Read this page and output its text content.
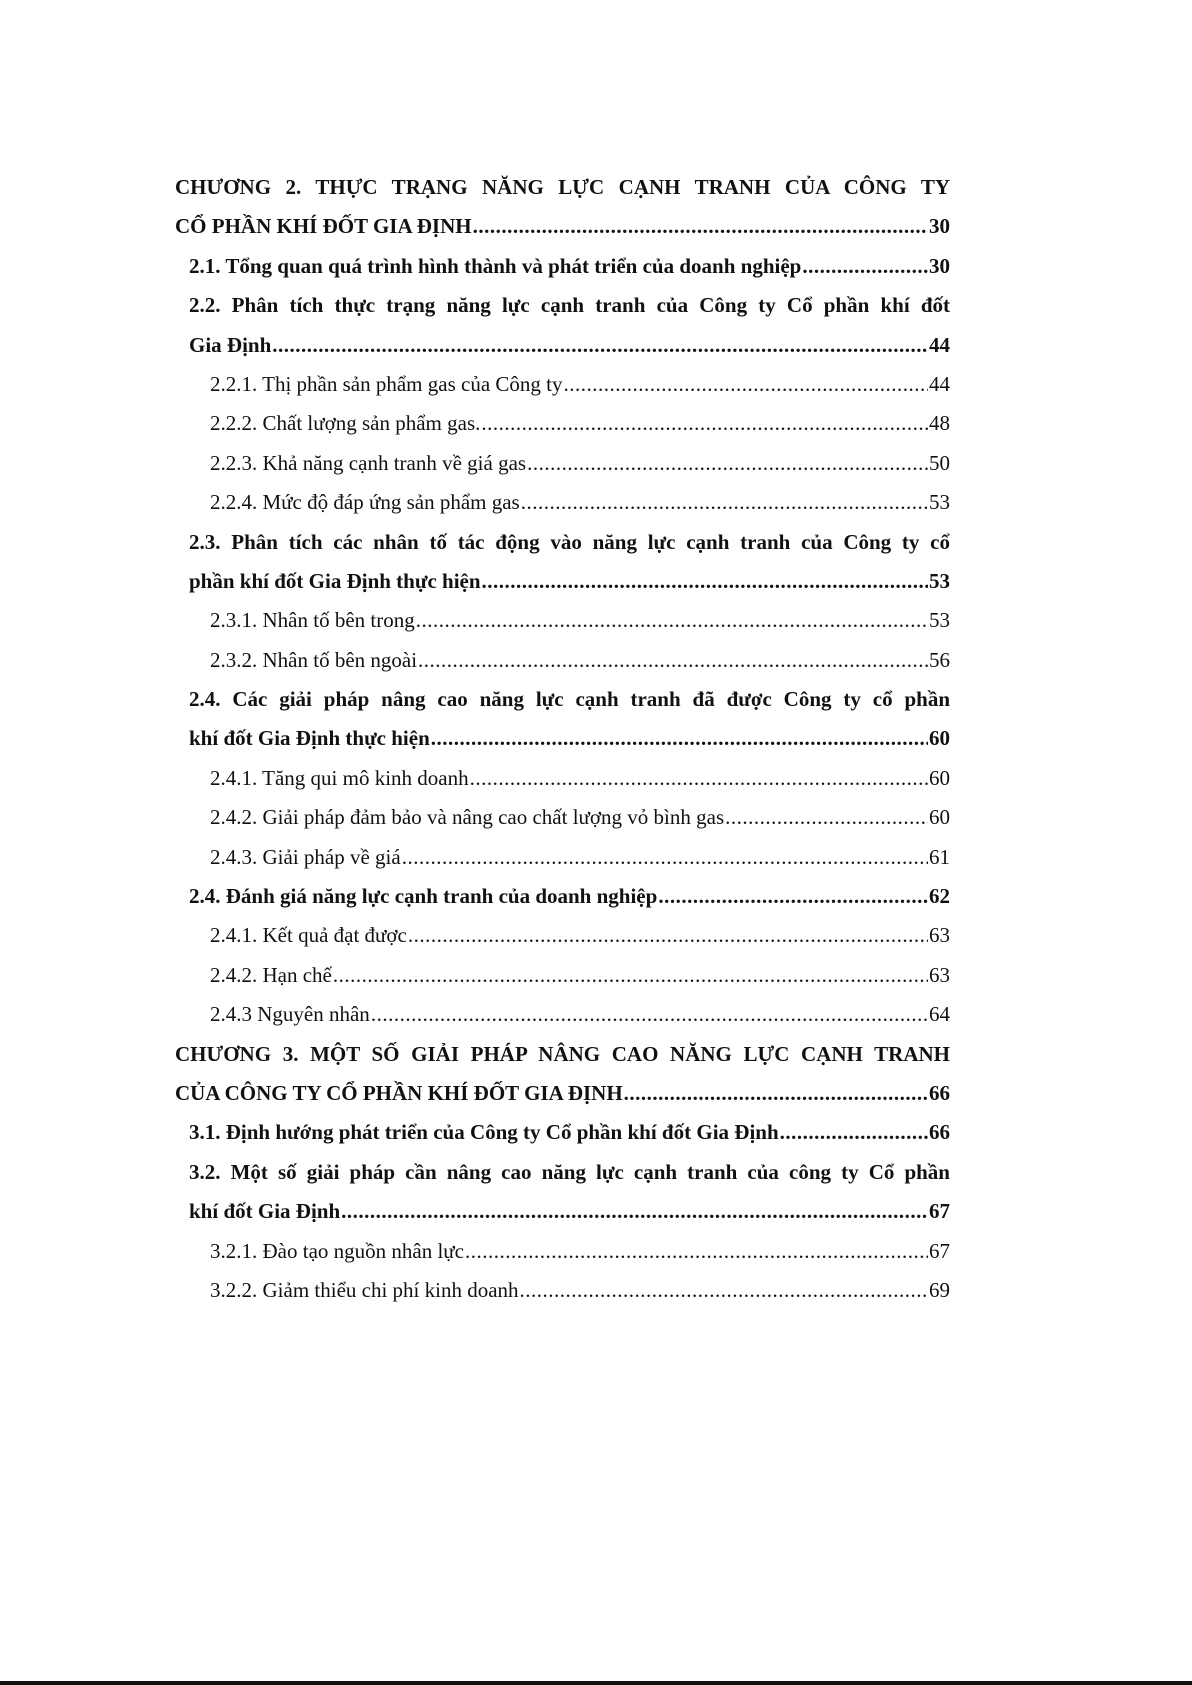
CHƯƠNG 2. THỰC TRẠNG NĂNG LỰC CẠNH TRANH CỦA CÔNG TY
CỔ PHẦN KHÍ ĐỐT GIA ĐỊNH .....	30
2.1. Tổng quan quá trình hình thành và phát triển của doanh nghiệp .....	30
2.2. Phân tích thực trạng năng lực cạnh tranh của Công ty Cổ phần khí đốt
Gia Định .....	44
2.2.1. Thị phần sản phẩm gas của Công ty .....	44
2.2.2. Chất lượng sản phẩm gas. .....	48
2.2.3. Khả năng cạnh tranh về giá gas .....	50
2.2.4. Mức độ đáp ứng sản phẩm gas .....	53
2.3. Phân tích các nhân tố tác động vào năng lực cạnh tranh của Công ty cổ
phần khí đốt Gia Định thực hiện .....	53
2.3.1. Nhân tố bên trong .....	53
2.3.2. Nhân tố bên ngoài .....	56
2.4. Các giải pháp nâng cao năng lực cạnh tranh đã được Công ty cổ phần
khí đốt Gia Định thực hiện .....	60
2.4.1. Tăng qui mô kinh doanh .....	60
2.4.2. Giải pháp đảm bảo và nâng cao chất lượng vỏ bình gas .....	60
2.4.3. Giải pháp về giá .....	61
2.4. Đánh giá năng lực cạnh tranh của doanh nghiệp .....	62
2.4.1. Kết quả đạt được .....	63
2.4.2. Hạn chế .....	63
2.4.3 Nguyên nhân .....	64
CHƯƠNG 3. MỘT SỐ GIẢI PHÁP NÂNG CAO NĂNG LỰC CẠNH TRANH
CỦA CÔNG TY CỔ PHẦN KHÍ ĐỐT GIA ĐỊNH .....	66
3.1. Định hướng phát triển của Công ty Cổ phần khí đốt Gia Định .....	66
3.2. Một số giải pháp cần nâng cao năng lực cạnh tranh của công ty Cổ phần
khí đốt Gia Định .....	67
3.2.1. Đào tạo nguồn nhân lực .....	67
3.2.2. Giảm thiểu chi phí kinh doanh .....	69
